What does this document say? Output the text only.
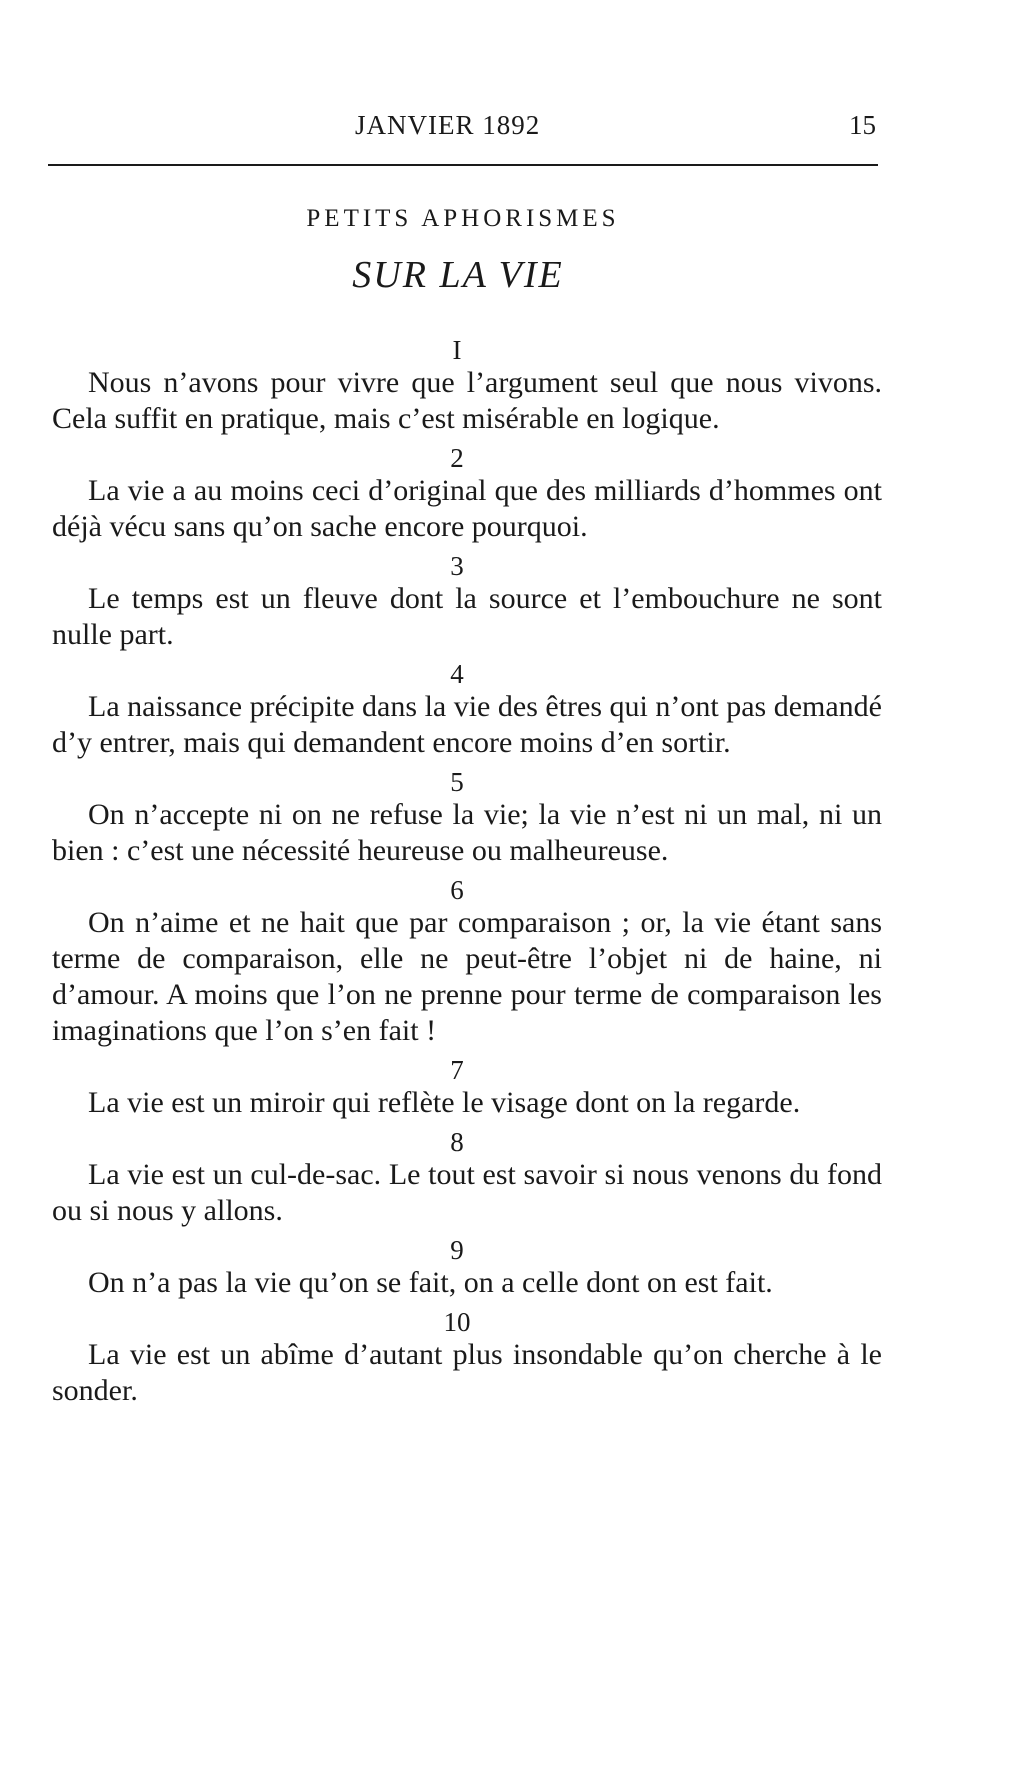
JANVIER 1892	15
PETITS APHORISMES
SUR LA VIE
I

Nous n’avons pour vivre que l’argument seul que nous vivons. Cela suffit en pratique, mais c’est misérable en logique.

2

La vie a au moins ceci d’original que des milliards d’hommes ont déjà vécu sans qu’on sache encore pourquoi.

3

Le temps est un fleuve dont la source et l’embouchure ne sont nulle part.

4

La naissance précipite dans la vie des êtres qui n’ont pas demandé d’y entrer, mais qui demandent encore moins d’en sortir.

5

On n’accepte ni on ne refuse la vie; la vie n’est ni un mal, ni un bien : c’est une nécessité heureuse ou malheureuse.

6

On n’aime et ne hait que par comparaison ; or, la vie étant sans terme de comparaison, elle ne peut-être l’objet ni de haine, ni d’amour. A moins que l’on ne prenne pour terme de comparaison les imaginations que l’on s’en fait !

7

La vie est un miroir qui reflète le visage dont on la regarde.

8

La vie est un cul-de-sac. Le tout est savoir si nous venons du fond ou si nous y allons.

9

On n’a pas la vie qu’on se fait, on a celle dont on est fait.

10

La vie est un abîme d’autant plus insondable qu’on cherche à le sonder.
